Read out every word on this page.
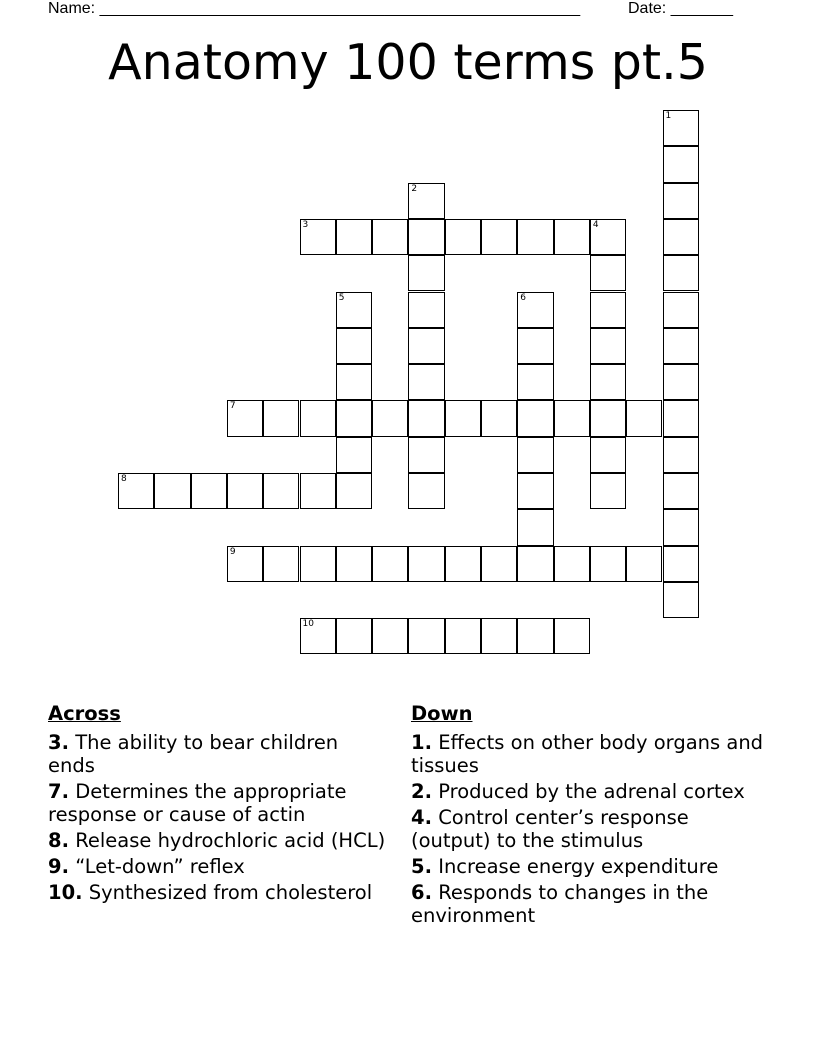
Name: ______________________________________________________	Date: _______
Anatomy 100 terms pt.5
1
2
3	4
5	6
7
8
9
10
Across
3. The ability to bear children ends
7. Determines the appropriate response or cause of actin
8. Release hydrochloric acid (HCL)
9. “Let-down” reflex
10. Synthesized from cholesterol
Down
1. Effects on other body organs and tissues
2. Produced by the adrenal cortex
4. Control center’s response (output) to the stimulus
5. Increase energy expenditure
6. Responds to changes in the environment
